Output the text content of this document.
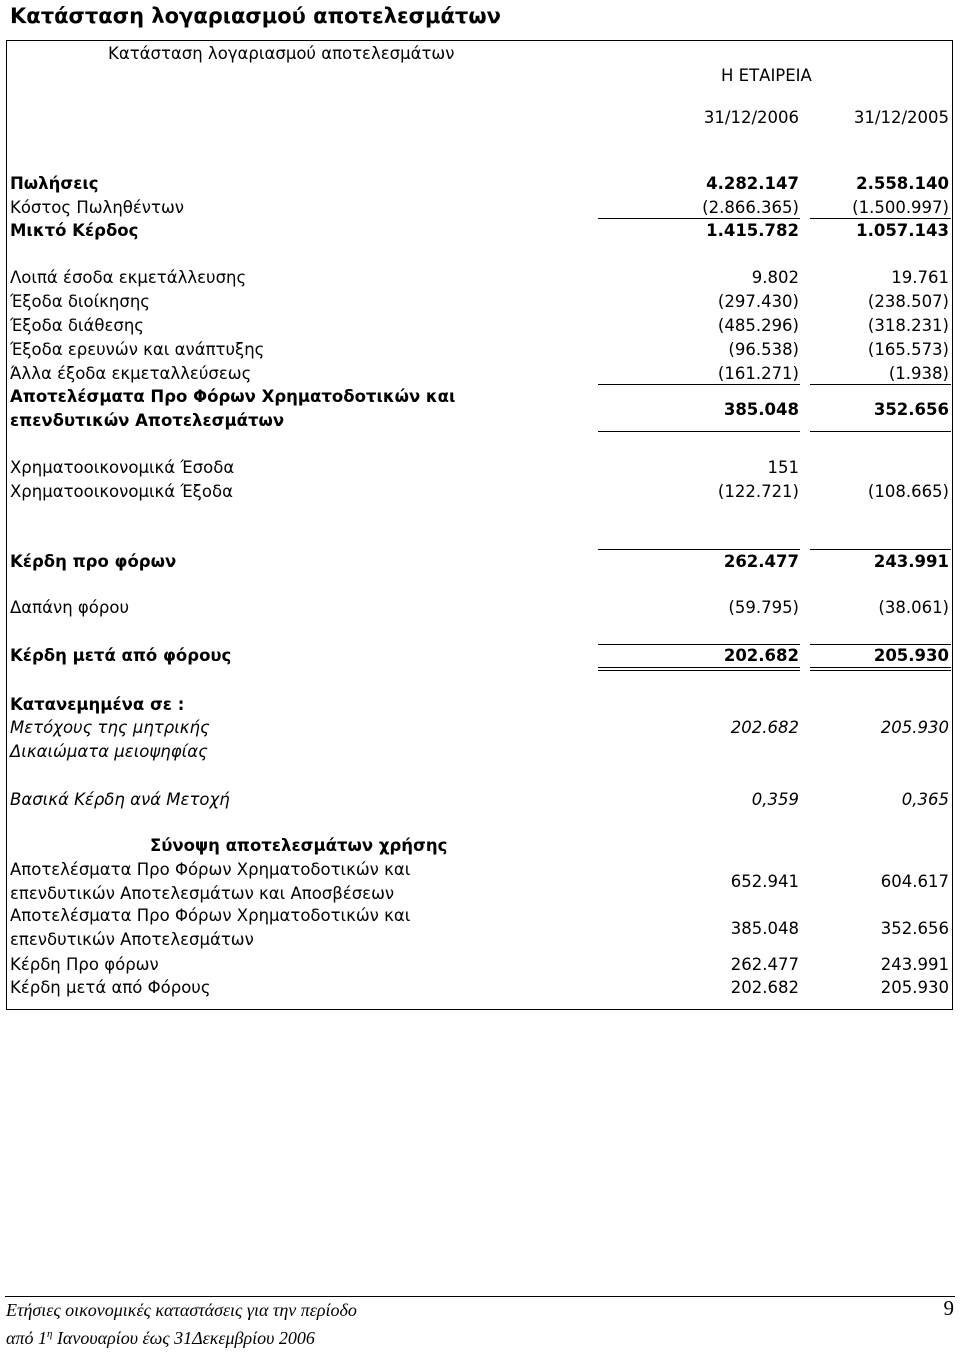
Κατάσταση λογαριασμού αποτελεσμάτων
Κατάσταση λογαριασμού αποτελεσμάτων
Η ΕΤΑΙΡΕΙΑ
31/12/2006	31/12/2005
Πωλήσεις	4.282.147	2.558.140
Κόστος Πωληθέντων	(2.866.365)	(1.500.997)
Μικτό Κέρδος	1.415.782	1.057.143
Λοιπά έσοδα εκμετάλλευσης	9.802	19.761
Έξοδα διοίκησης	(297.430)	(238.507)
Έξοδα διάθεσης	(485.296)	(318.231)
Έξοδα ερευνών και ανάπτυξης	(96.538)	(165.573)
Άλλα έξοδα εκμεταλλεύσεως	(161.271)	(1.938)
Αποτελέσματα Προ Φόρων Χρηματοδοτικών και
επενδυτικών Αποτελεσμάτων
385.048	352.656
Χρηματοοικονομικά Έσοδα	151
Χρηματοοικονομικά Έξοδα	(122.721)	(108.665)
Κέρδη προ φόρων	262.477	243.991
Δαπάνη φόρου	(59.795)	(38.061)
Κέρδη μετά από φόρους	202.682	205.930
Κατανεμημένα σε :
Μετόχους της μητρικής	202.682	205.930
Δικαιώματα μειοψηφίας
Βασικά Κέρδη ανά Μετοχή	0,359	0,365
Σύνοψη αποτελεσμάτων χρήσης
Αποτελέσματα Προ Φόρων Χρηματοδοτικών και
επενδυτικών Αποτελεσμάτων και Αποσβέσεων
652.941	604.617
Αποτελέσματα Προ Φόρων Χρηματοδοτικών και
επενδυτικών Αποτελεσμάτων
385.048	352.656
Κέρδη Προ φόρων	262.477	243.991
Κέρδη μετά από Φόρους	202.682	205.930
Ετήσιες οικονομικές καταστάσεις για την περίοδο
από $1^\eta$ Ιανουαρίου έως 31Δεκεμβρίου 2006
9
